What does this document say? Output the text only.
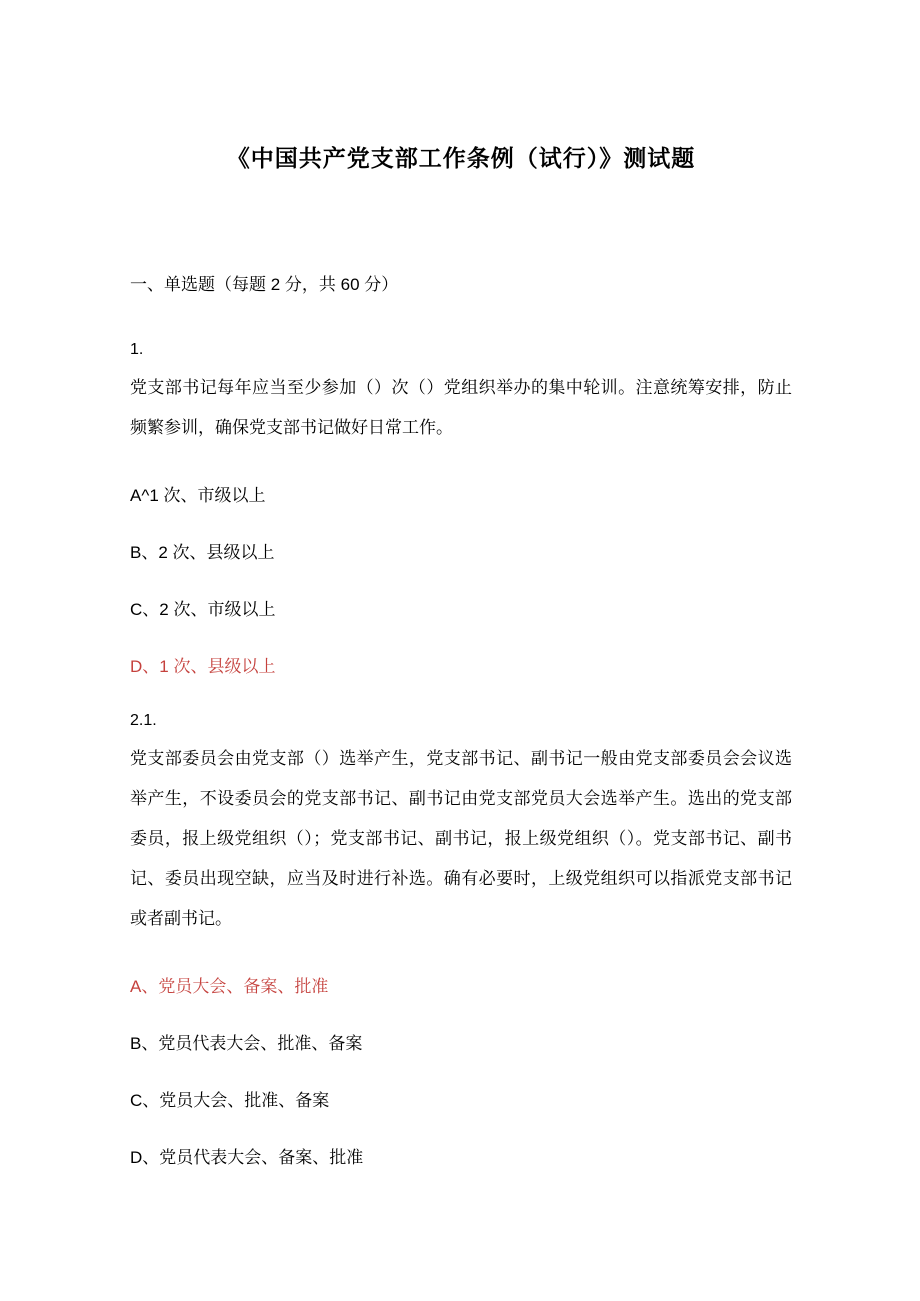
《中国共产党支部工作条例（试行）》测试题

一、单选题（每题 2 分，共 60 分）

1.

党支部书记每年应当至少参加（）次（）党组织举办的集中轮训。注意统筹安排，防止频繁参训，确保党支部书记做好日常工作。

A^1 次、市级以上

B、2 次、县级以上

C、2 次、市级以上

D、1 次、县级以上

2.1.

党支部委员会由党支部（）选举产生，党支部书记、副书记一般由党支部委员会会议选举产生，不设委员会的党支部书记、副书记由党支部党员大会选举产生。选出的党支部委员，报上级党组织（）；党支部书记、副书记，报上级党组织（）。党支部书记、副书记、委员出现空缺，应当及时进行补选。确有必要时，上级党组织可以指派党支部书记或者副书记。

A、党员大会、备案、批准

B、党员代表大会、批准、备案

C、党员大会、批准、备案

D、党员代表大会、备案、批准
